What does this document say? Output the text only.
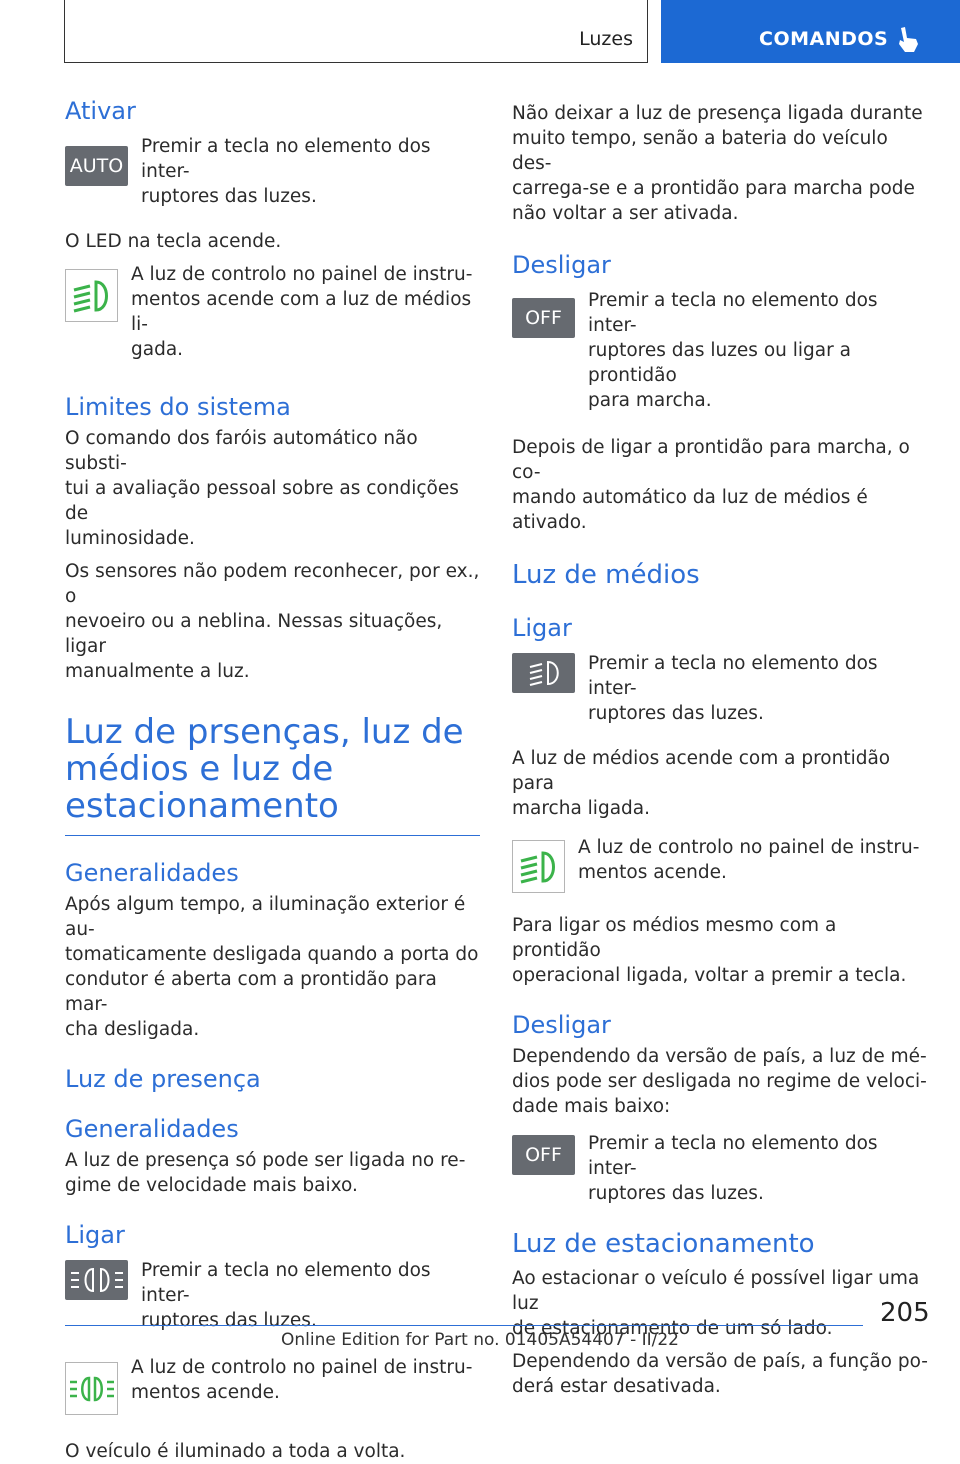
Luzes	COMANDOS
Ativar
AUTO

Premir a tecla no elemento dos inter-
ruptores das luzes.

O LED na tecla acende.

A luz de controlo no painel de instru-
mentos acende com a luz de médios li-
gada.

Limites do sistema

O comando dos faróis automático não substi-
tui a avaliação pessoal sobre as condições de
luminosidade.

Os sensores não podem reconhecer, por ex., o
nevoeiro ou a neblina. Nessas situações, ligar
manualmente a luz.

Luz de prsenças, luz de
médios e luz de
estacionamento
Generalidades

Após algum tempo, a iluminação exterior é au-
tomaticamente desligada quando a porta do
condutor é aberta com a prontidão para mar-
cha desligada.

Luz de presença
Generalidades

A luz de presença só pode ser ligada no re-
gime de velocidade mais baixo.

Ligar

Premir a tecla no elemento dos inter-
ruptores das luzes.

A luz de controlo no painel de instru-
mentos acende.

O veículo é iluminado a toda a volta.

Não deixar a luz de presença ligada durante
muito tempo, senão a bateria do veículo des-
carrega-se e a prontidão para marcha pode
não voltar a ser ativada.

Desligar
OFF

Premir a tecla no elemento dos inter-
ruptores das luzes ou ligar a prontidão
para marcha.

Depois de ligar a prontidão para marcha, o co-
mando automático da luz de médios é ativado.

Luz de médios
Ligar

Premir a tecla no elemento dos inter-
ruptores das luzes.

A luz de médios acende com a prontidão para
marcha ligada.

A luz de controlo no painel de instru-
mentos acende.

Para ligar os médios mesmo com a prontidão
operacional ligada, voltar a premir a tecla.

Desligar

Dependendo da versão de país, a luz de mé-
dios pode ser desligada no regime de veloci-
dade mais baixo:

OFF

Premir a tecla no elemento dos inter-
ruptores das luzes.

Luz de estacionamento

Ao estacionar o veículo é possível ligar uma luz
de estacionamento de um só lado.

Dependendo da versão de país, a função po-
derá estar desativada.

205
Online Edition for Part no. 01405A54407 - II/22
